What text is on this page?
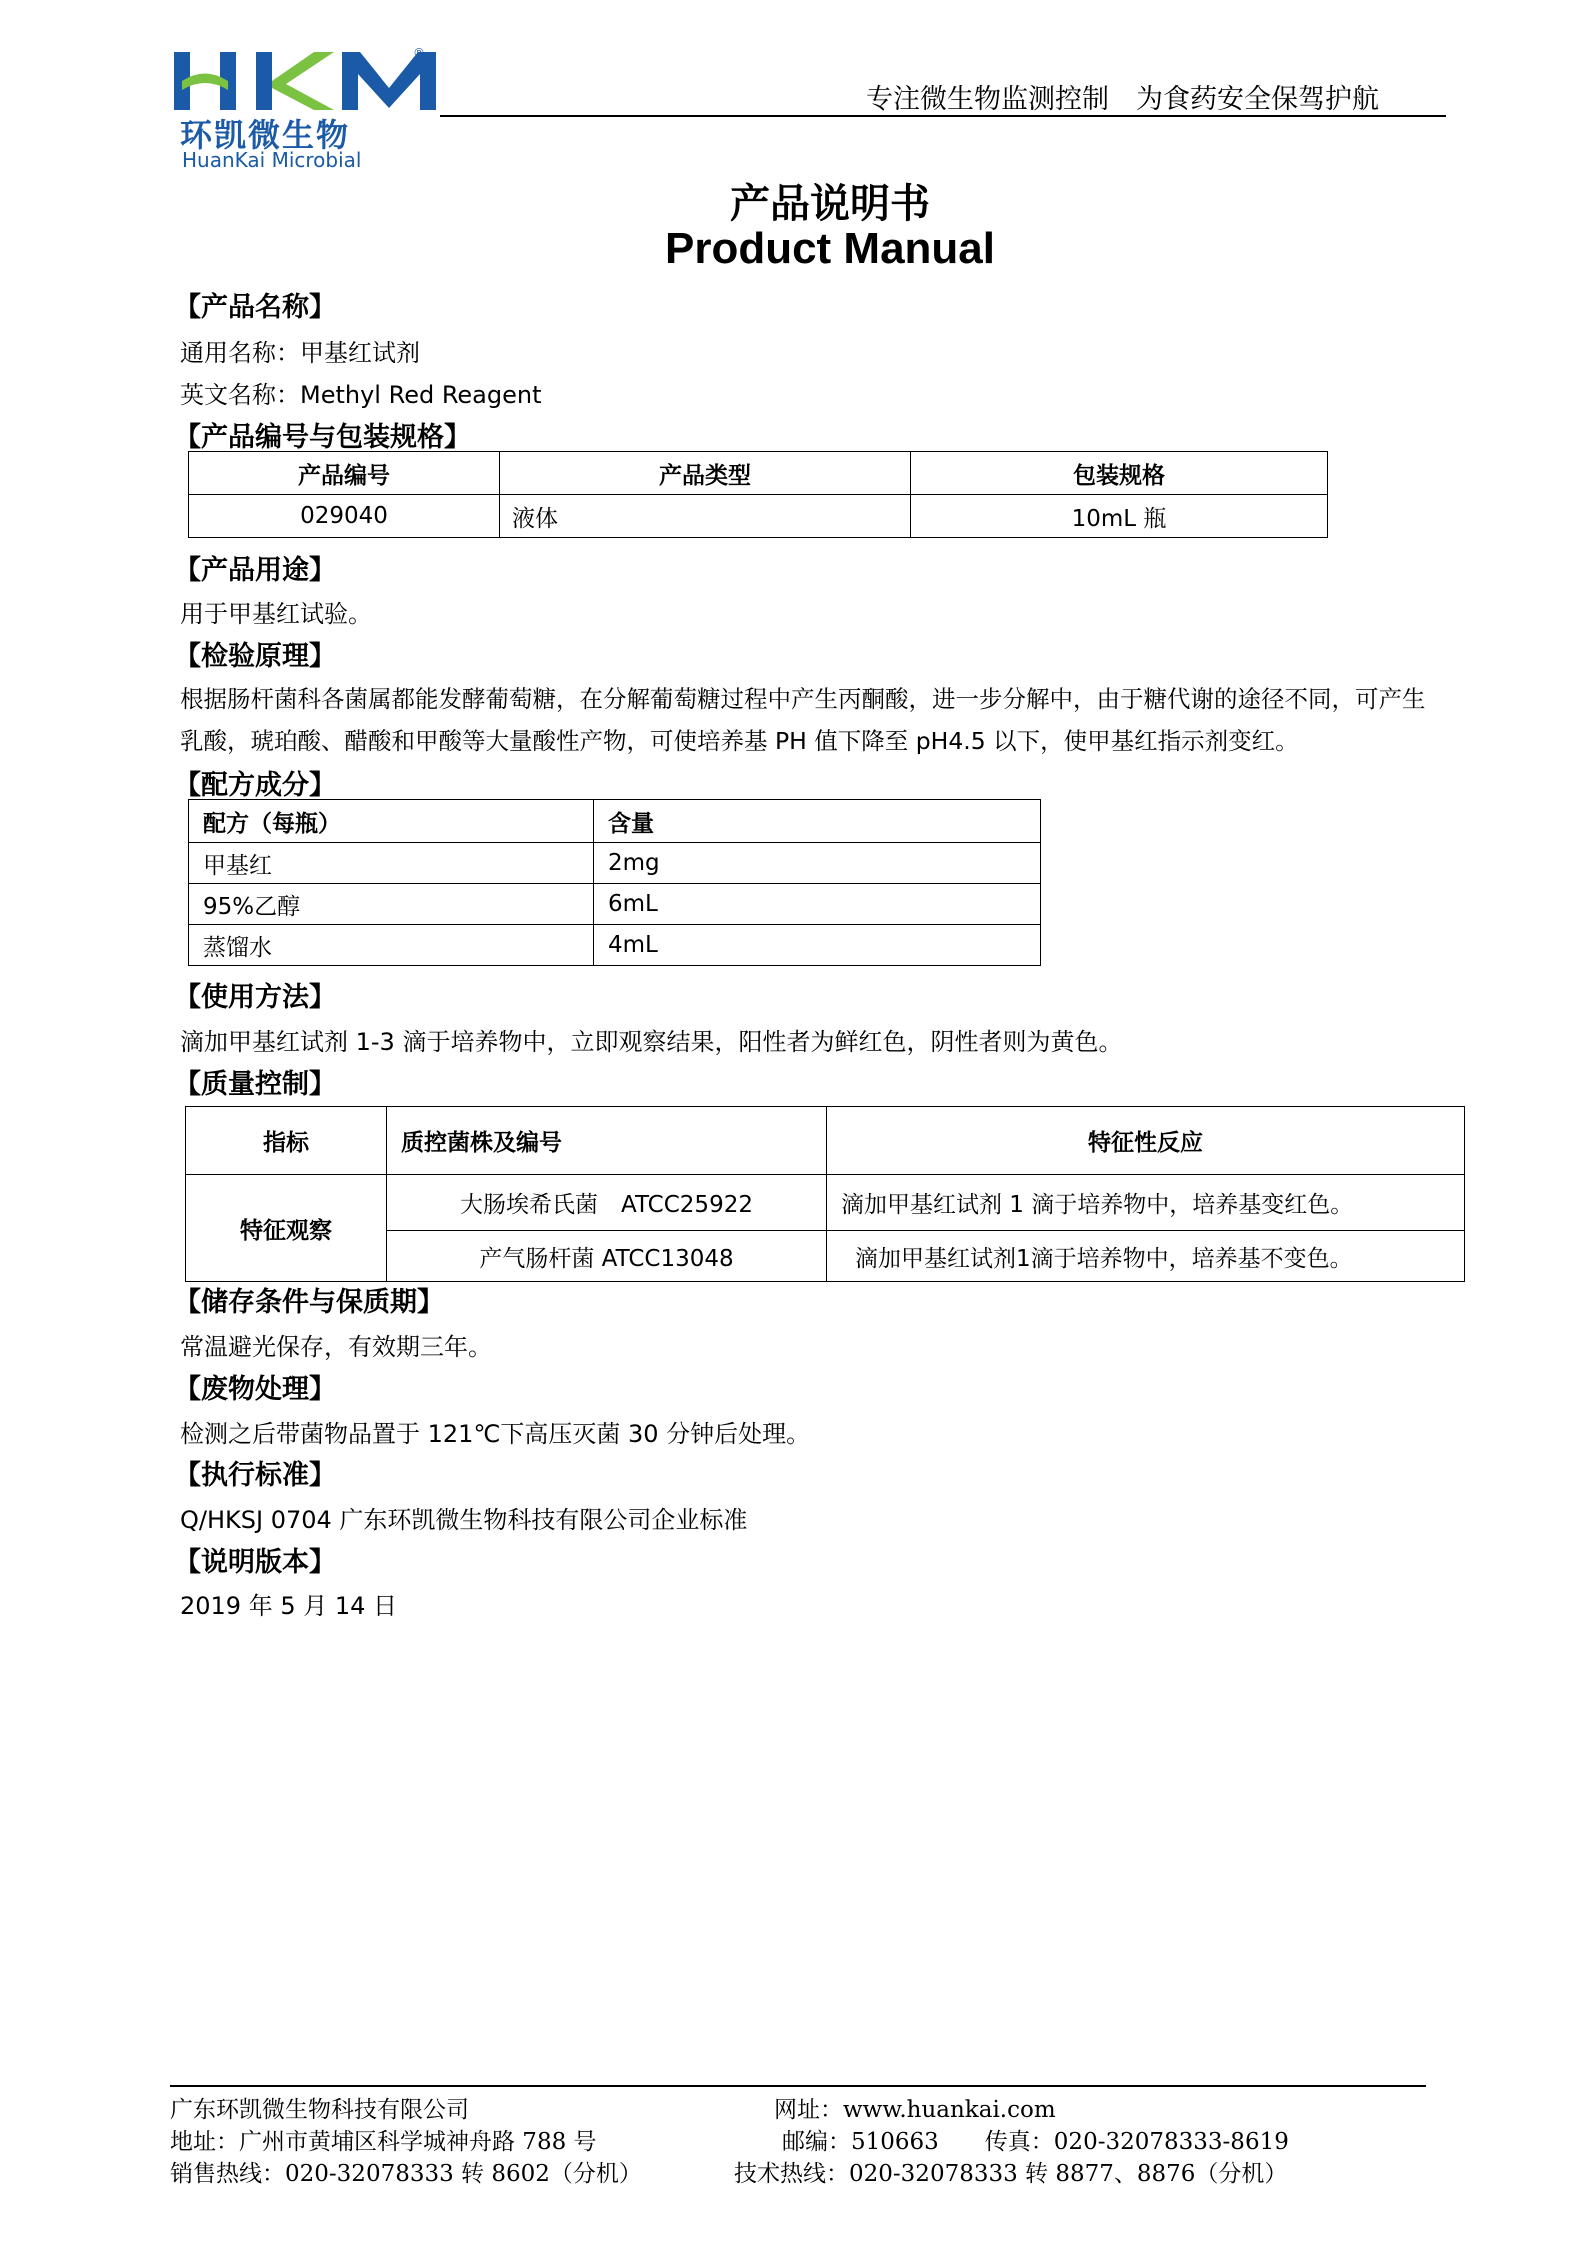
®
环凯微生物
HuanKai Microbial
专注微生物监测控制　为食药安全保驾护航
产品说明书
Product Manual
【产品名称】
通用名称：甲基红试剂
英文名称：Methyl Red Reagent
【产品编号与包装规格】
产品编号	产品类型	包装规格
029040	液体	10mL 瓶
【产品用途】
用于甲基红试验。
【检验原理】
根据肠杆菌科各菌属都能发酵葡萄糖，在分解葡萄糖过程中产生丙酮酸，进一步分解中，由于糖代谢的途径不同，可产生
乳酸，琥珀酸、醋酸和甲酸等大量酸性产物，可使培养基 PH 值下降至 pH4.5 以下，使甲基红指示剂变红。
【配方成分】
配方（每瓶）	含量
甲基红	2mg
95%乙醇	6mL
蒸馏水	4mL
【使用方法】
滴加甲基红试剂 1-3 滴于培养物中，立即观察结果，阳性者为鲜红色，阴性者则为黄色。
【质量控制】
指标	质控菌株及编号	特征性反应
特征观察	大肠埃希氏菌　ATCC25922	滴加甲基红试剂 1 滴于培养物中，培养基变红色。
	产气肠杆菌 ATCC13048	滴加甲基红试剂1滴于培养物中，培养基不变色。
【储存条件与保质期】
常温避光保存，有效期三年。
【废物处理】
检测之后带菌物品置于 121℃下高压灭菌 30 分钟后处理。
【执行标准】
Q/HKSJ 0704 广东环凯微生物科技有限公司企业标准
【说明版本】
2019 年 5 月 14 日
广东环凯微生物科技有限公司
地址：广州市黄埔区科学城神舟路 788 号
销售热线：020-32078333 转 8602（分机）
网址：www.huankai.com
邮编：510663　　传真：020-32078333-8619
技术热线：020-32078333 转 8877、8876（分机）
